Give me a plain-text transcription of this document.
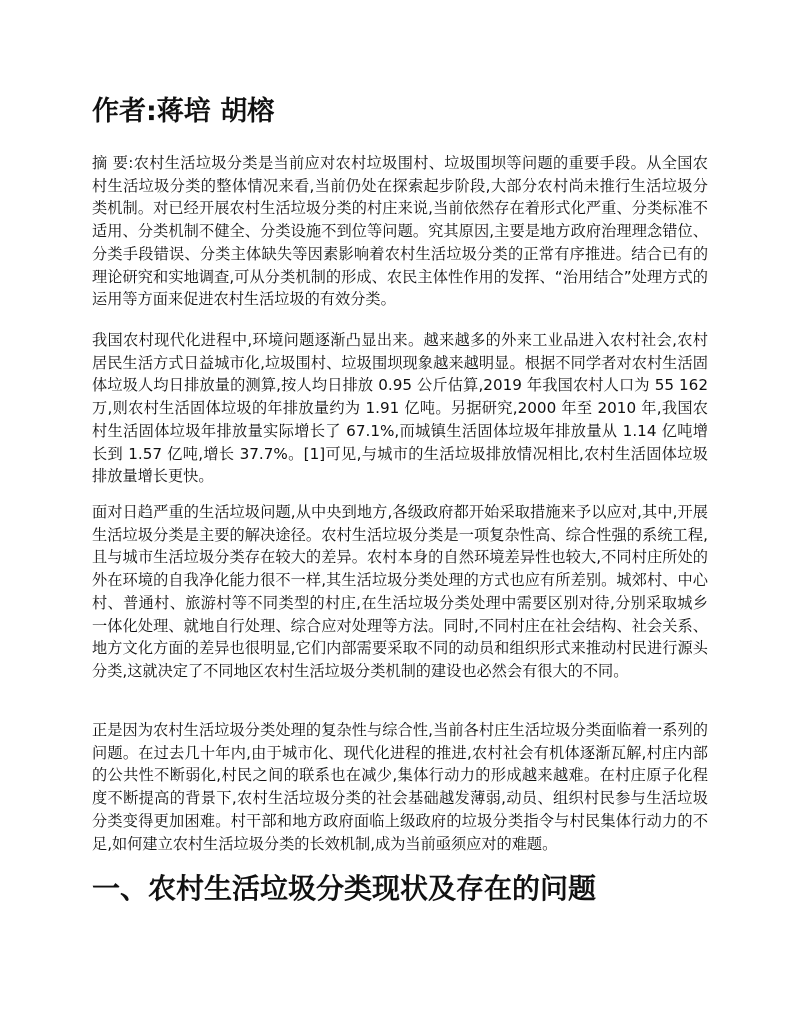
作者:蒋培 胡榕

摘 要:农村生活垃圾分类是当前应对农村垃圾围村、垃圾围坝等问题的重要手段。从全国农村生活垃圾分类的整体情况来看,当前仍处在探索起步阶段,大部分农村尚未推行生活垃圾分类机制。对已经开展农村生活垃圾分类的村庄来说,当前依然存在着形式化严重、分类标准不适用、分类机制不健全、分类设施不到位等问题。究其原因,主要是地方政府治理理念错位、分类手段错误、分类主体缺失等因素影响着农村生活垃圾分类的正常有序推进。结合已有的理论研究和实地调查,可从分类机制的形成、农民主体性作用的发挥、“治用结合”处理方式的运用等方面来促进农村生活垃圾的有效分类。

我国农村现代化进程中,环境问题逐渐凸显出来。越来越多的外来工业品进入农村社会,农村居民生活方式日益城市化,垃圾围村、垃圾围坝现象越来越明显。根据不同学者对农村生活固体垃圾人均日排放量的测算,按人均日排放 0.95 公斤估算,2019 年我国农村人口为 55 162 万,则农村生活固体垃圾的年排放量约为 1.91 亿吨。另据研究,2000 年至 2010 年,我国农村生活固体垃圾年排放量实际增长了 67.1%,而城镇生活固体垃圾年排放量从 1.14 亿吨增长到 1.57 亿吨,增长 37.7%。[1]可见,与城市的生活垃圾排放情况相比,农村生活固体垃圾排放量增长更快。

面对日趋严重的生活垃圾问题,从中央到地方,各级政府都开始采取措施来予以应对,其中,开展生活垃圾分类是主要的解决途径。农村生活垃圾分类是一项复杂性高、综合性强的系统工程,且与城市生活垃圾分类存在较大的差异。农村本身的自然环境差异性也较大,不同村庄所处的外在环境的自我净化能力很不一样,其生活垃圾分类处理的方式也应有所差别。城郊村、中心村、普通村、旅游村等不同类型的村庄,在生活垃圾分类处理中需要区别对待,分别采取城乡一体化处理、就地自行处理、综合应对处理等方法。同时,不同村庄在社会结构、社会关系、地方文化方面的差异也很明显,它们内部需要采取不同的动员和组织形式来推动村民进行源头分类,这就决定了不同地区农村生活垃圾分类机制的建设也必然会有很大的不同。

正是因为农村生活垃圾分类处理的复杂性与综合性,当前各村庄生活垃圾分类面临着一系列的问题。在过去几十年内,由于城市化、现代化进程的推进,农村社会有机体逐渐瓦解,村庄内部的公共性不断弱化,村民之间的联系也在减少,集体行动力的形成越来越难。在村庄原子化程度不断提高的背景下,农村生活垃圾分类的社会基础越发薄弱,动员、组织村民参与生活垃圾分类变得更加困难。村干部和地方政府面临上级政府的垃圾分类指令与村民集体行动力的不足,如何建立农村生活垃圾分类的长效机制,成为当前亟须应对的难题。

一、农村生活垃圾分类现状及存在的问题
